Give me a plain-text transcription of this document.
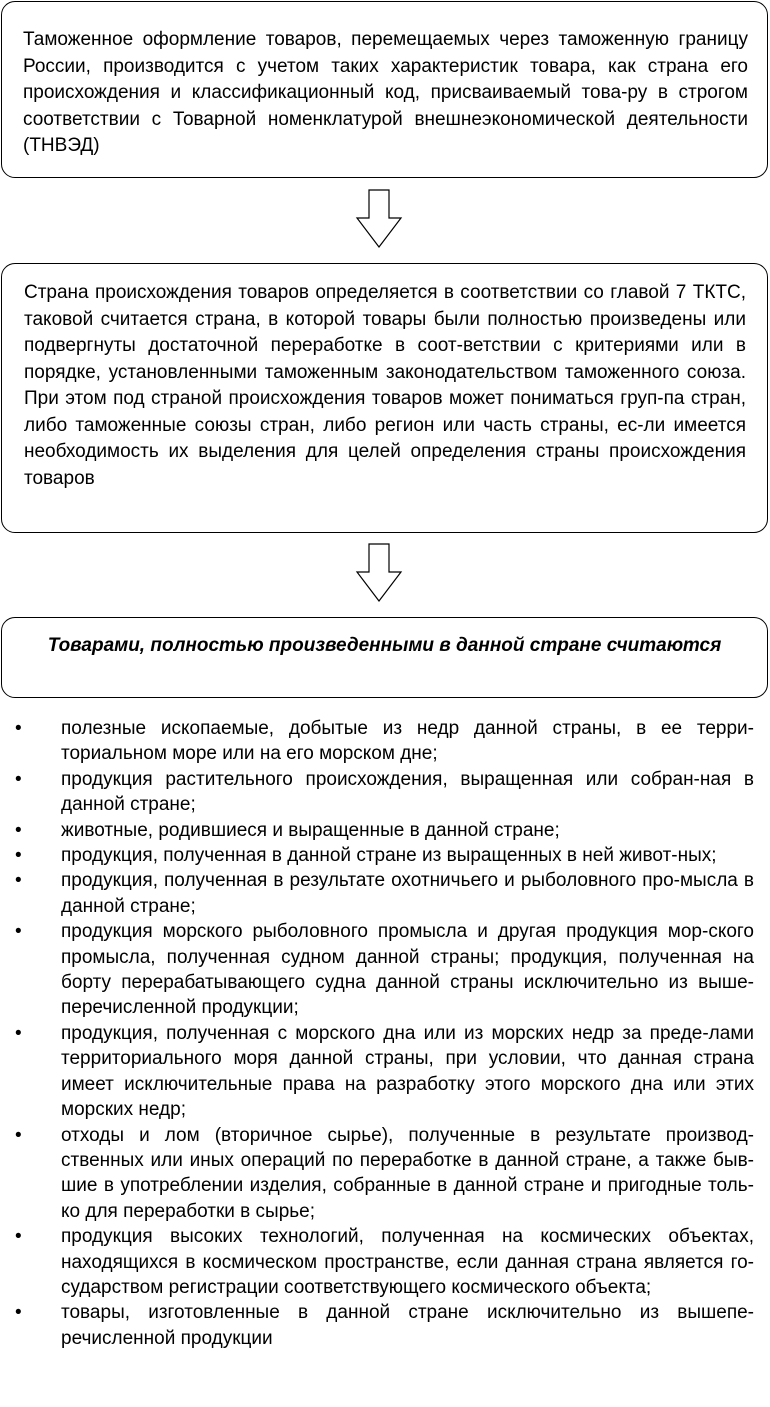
Таможенное оформление товаров, перемещаемых через таможенную границу России, производится с учетом таких характеристик товара, как страна его происхождения и классификационный код, присваиваемый това-ру в строгом соответствии с Товарной номенклатурой внешнеэкономической деятельности (ТНВЭД)

Страна происхождения товаров определяется в соответствии со главой 7 ТКТС, таковой считается страна, в которой товары были полностью произведены или подвергнуты достаточной переработке в соот-ветствии с критериями или в порядке, установленными таможенным законодательством таможенного союза. При этом под страной происхождения товаров может пониматься груп-па стран, либо таможенные союзы стран, либо регион или часть страны, ес-ли имеется необходимость их выделения для целей определения страны происхождения товаров

Товарами, полностью произведенными в данной стране считаются

• полезные ископаемые, добытые из недр данной страны, в ее терри-ториальном море или на его морском дне;
• продукция растительного происхождения, выращенная или собран-ная в данной стране;
• животные, родившиеся и выращенные в данной стране;
• продукция, полученная в данной стране из выращенных в ней живот-ных;
• продукция, полученная в результате охотничьего и рыболовного про-мысла в данной стране;
• продукция морского рыболовного промысла и другая продукция мор-ского промысла, полученная судном данной страны; продукция, полученная на борту перерабатывающего судна данной страны исключительно из выше-перечисленной продукции;
• продукция, полученная с морского дна или из морских недр за преде-лами территориального моря данной страны, при условии, что данная страна имеет исключительные права на разработку этого морского дна или этих морских недр;
• отходы и лом (вторичное сырье), полученные в результате производ-ственных или иных операций по переработке в данной стране, а также быв-шие в употреблении изделия, собранные в данной стране и пригодные толь-ко для переработки в сырье;
• продукция высоких технологий, полученная на космических объектах, находящихся в космическом пространстве, если данная страна является го-сударством регистрации соответствующего космического объекта;
• товары, изготовленные в данной стране исключительно из вышепе-речисленной продукции
